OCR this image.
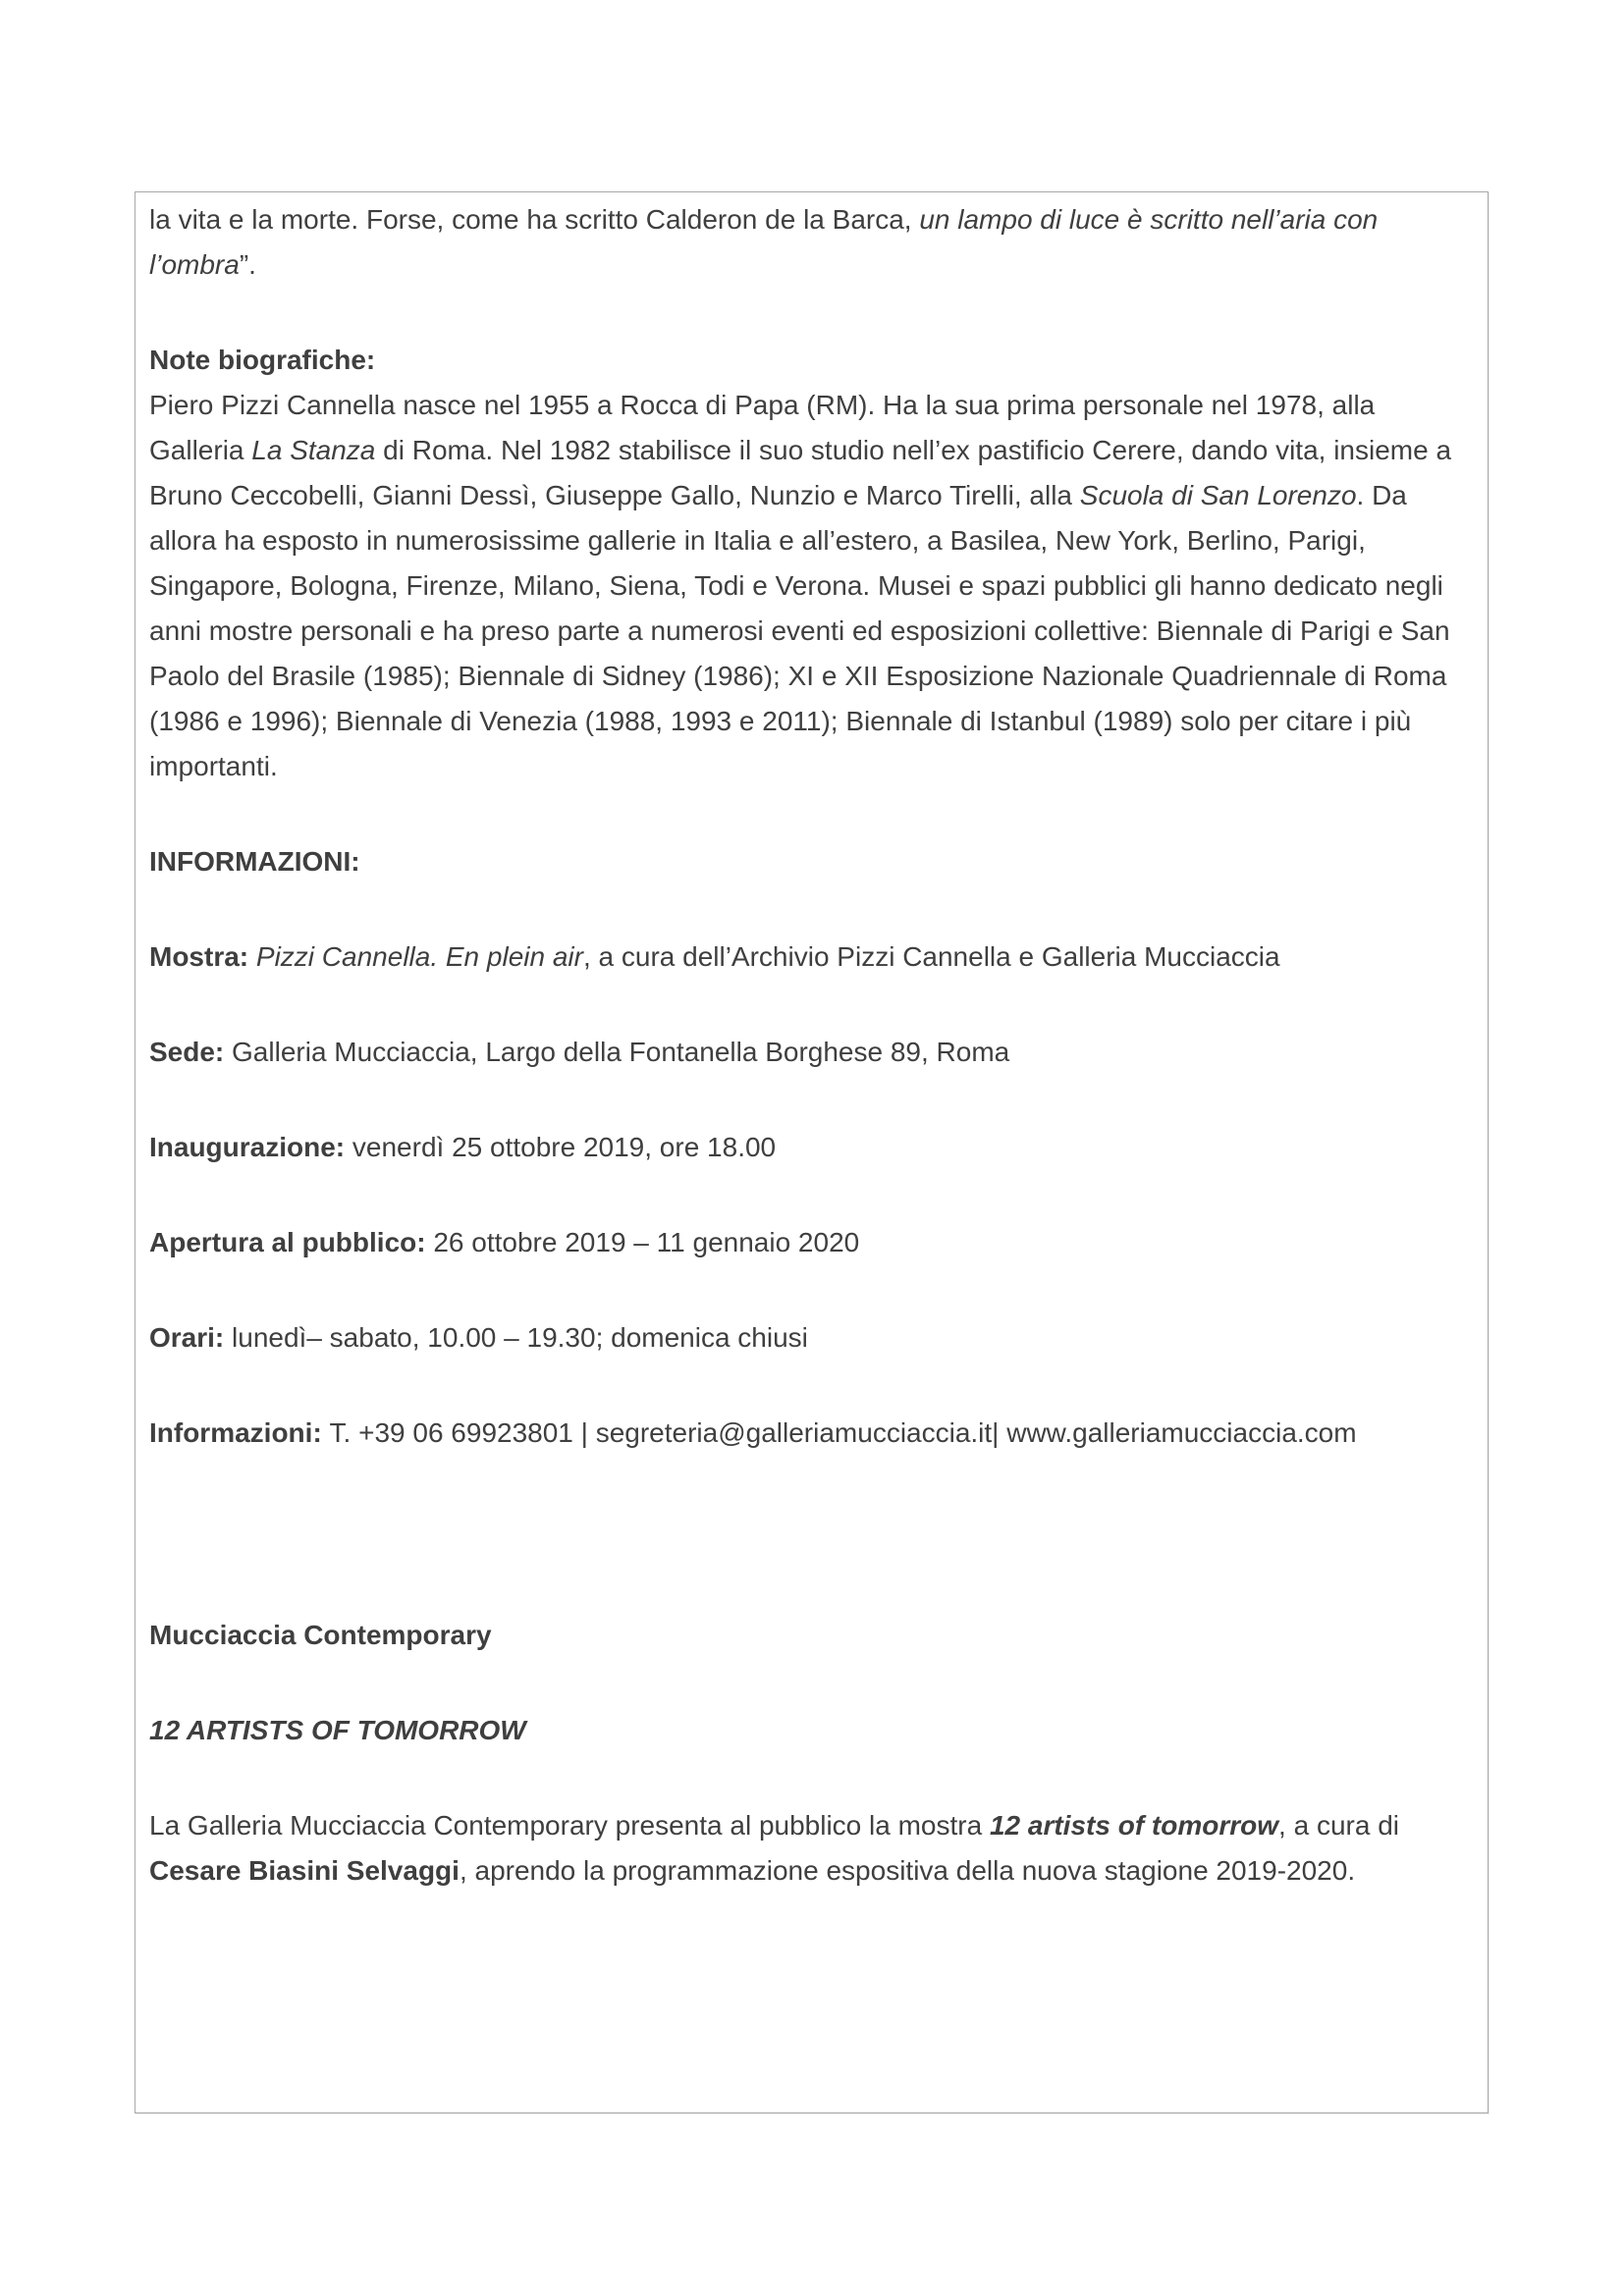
la vita e la morte. Forse, come ha scritto Calderon de la Barca, un lampo di luce è scritto nell’aria con l’ombra”.

Note biografiche:

Piero Pizzi Cannella nasce nel 1955 a Rocca di Papa (RM). Ha la sua prima personale nel 1978, alla Galleria La Stanza di Roma. Nel 1982 stabilisce il suo studio nell’ex pastificio Cerere, dando vita, insieme a Bruno Ceccobelli, Gianni Dessì, Giuseppe Gallo, Nunzio e Marco Tirelli, alla Scuola di San Lorenzo. Da allora ha esposto in numerosissime gallerie in Italia e all’estero, a Basilea, New York, Berlino, Parigi, Singapore, Bologna, Firenze, Milano, Siena, Todi e Verona. Musei e spazi pubblici gli hanno dedicato negli anni mostre personali e ha preso parte a numerosi eventi ed esposizioni collettive: Biennale di Parigi e San Paolo del Brasile (1985); Biennale di Sidney (1986); XI e XII Esposizione Nazionale Quadriennale di Roma (1986 e 1996); Biennale di Venezia (1988, 1993 e 2011); Biennale di Istanbul (1989) solo per citare i più importanti.

INFORMAZIONI:

Mostra: Pizzi Cannella. En plein air, a cura dell’Archivio Pizzi Cannella e Galleria Mucciaccia

Sede: Galleria Mucciaccia, Largo della Fontanella Borghese 89, Roma

Inaugurazione: venerdì 25 ottobre 2019, ore 18.00

Apertura al pubblico: 26 ottobre 2019 – 11 gennaio 2020

Orari: lunedì– sabato, 10.00 – 19.30; domenica chiusi

Informazioni: T. +39 06 69923801 | segreteria@galleriamucciaccia.it| www.galleriamucciaccia.com

Mucciaccia Contemporary

12 ARTISTS OF TOMORROW

La Galleria Mucciaccia Contemporary presenta al pubblico la mostra 12 artists of tomorrow, a cura di Cesare Biasini Selvaggi, aprendo la programmazione espositiva della nuova stagione 2019-2020.
